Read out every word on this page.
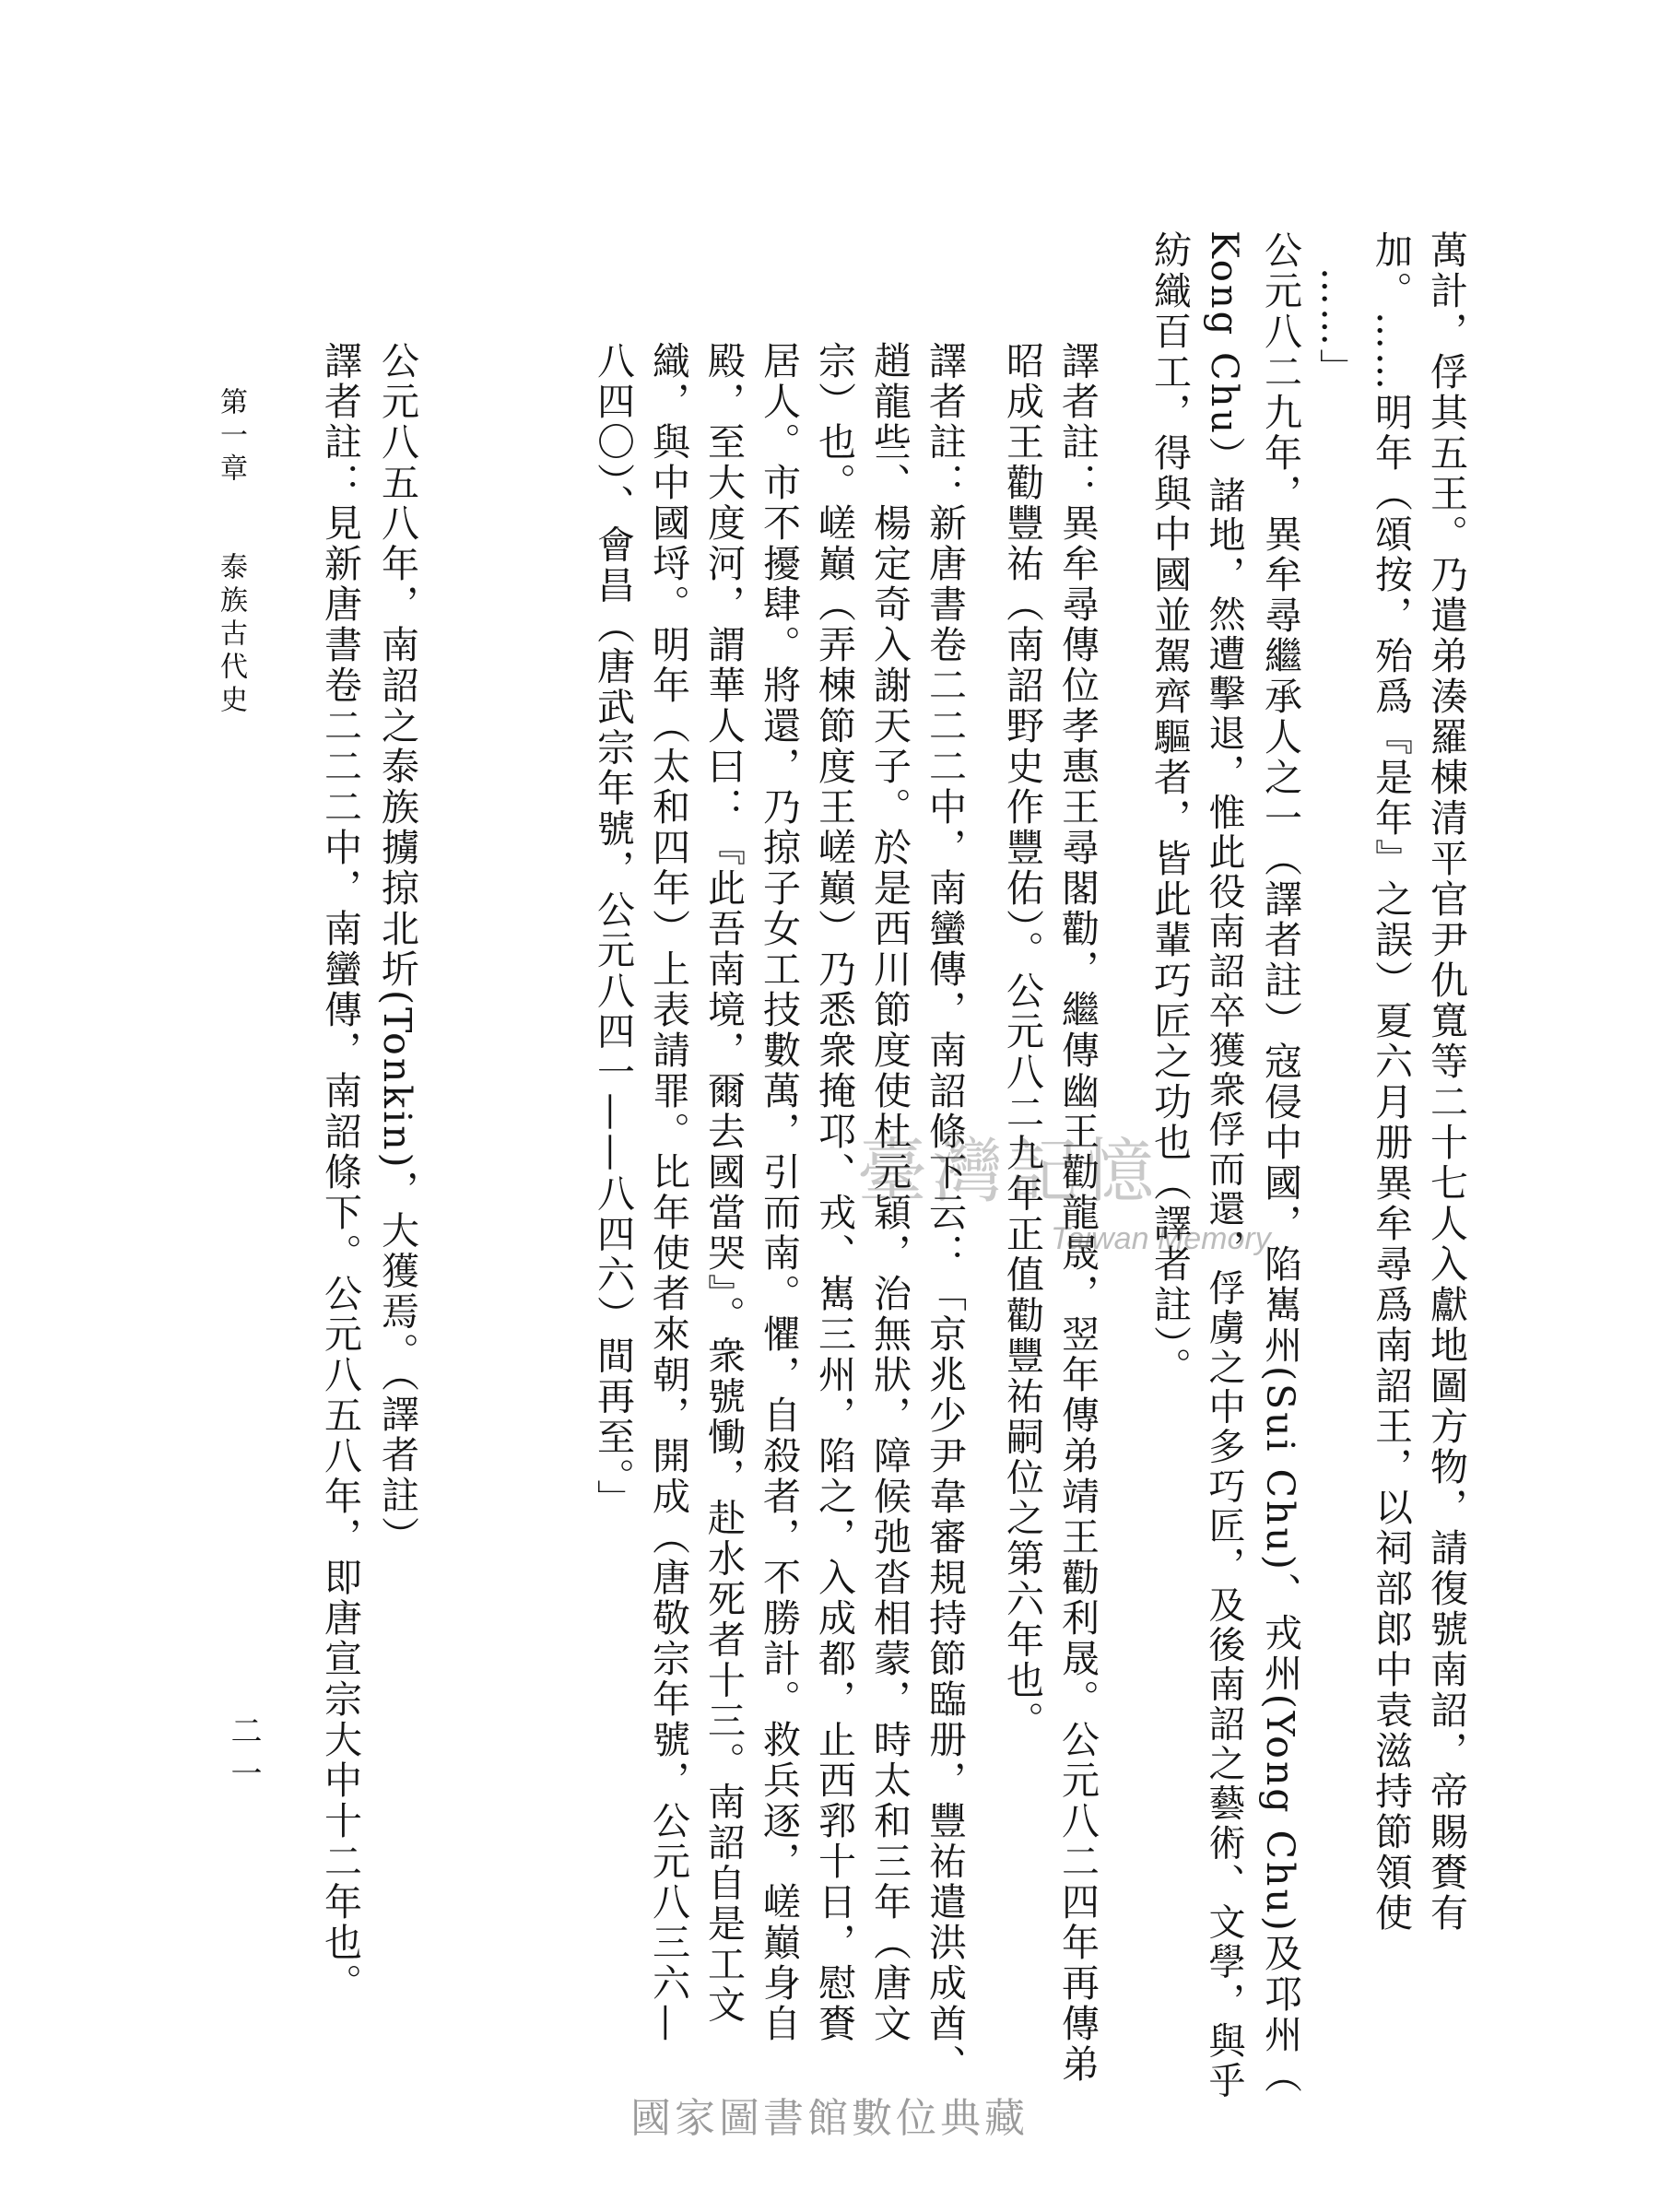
第一章  泰族古代史
二一	萬計，俘其五王。乃遣弟湊羅棟清平官尹仇寬等二十七人入獻地圖方物，請復號南詔，帝賜賚有
加。……明年（頌按，殆爲『是年』之誤）夏六月册異牟尋爲南詔王，以祠部郎中袁滋持節領使
……」
公元八二九年，異牟尋繼承人之一（譯者註）寇侵中國，陷嶲州(Sui Chu)、戎州(Yong Chu)及邛州（
Kong Chu）諸地，然遭擊退，惟此役南詔卒獲衆俘而還，俘虜之中多巧匠，及後南詔之藝術、文學，與乎
紡織百工，得與中國並駕齊驅者，皆此輩巧匠之功也（譯者註）。
譯者註：異牟尋傳位孝惠王尋閣勸，繼傳幽王勸龍晟，翌年傳弟靖王勸利晟。公元八二四年再傳弟
昭成王勸豐祐（南詔野史作豐佑）。公元八二九年正值勸豐祐嗣位之第六年也。
譯者註：新唐書卷二二二中，南蠻傳，南詔條下云：「京兆少尹韋審規持節臨册，豐祐遣洪成酋、
趙龍些、楊定奇入謝天子。於是西川節度使杜元穎，治無狀，障候弛沓相蒙，時太和三年（唐文
宗）也。嵯巔（弄棟節度王嵯巔）乃悉衆掩邛、戎、嶲三州，陷之，入成都，止西郛十日，慰賚
居人。市不擾肆。將還，乃掠子女工技數萬，引而南。懼，自殺者，不勝計。救兵逐，嵯巔身自
殿，至大度河，謂華人曰：『此吾南境，爾去國當哭』。衆號慟，赴水死者十三。南詔自是工文
織，與中國埒。明年（太和四年）上表請罪。比年使者來朝，開成（唐敬宗年號，公元八三六—
八四〇）、會昌（唐武宗年號，公元八四一——八四六）間再至。」
公元八五八年，南詔之泰族擄掠北圻(Tonkin)，大獲焉。（譯者註）
譯者註：見新唐書卷二二二中，南蠻傳，南詔條下。公元八五八年，即唐宣宗大中十二年也。	臺灣記憶
Taiwan Memory
國家圖書館數位典藏
